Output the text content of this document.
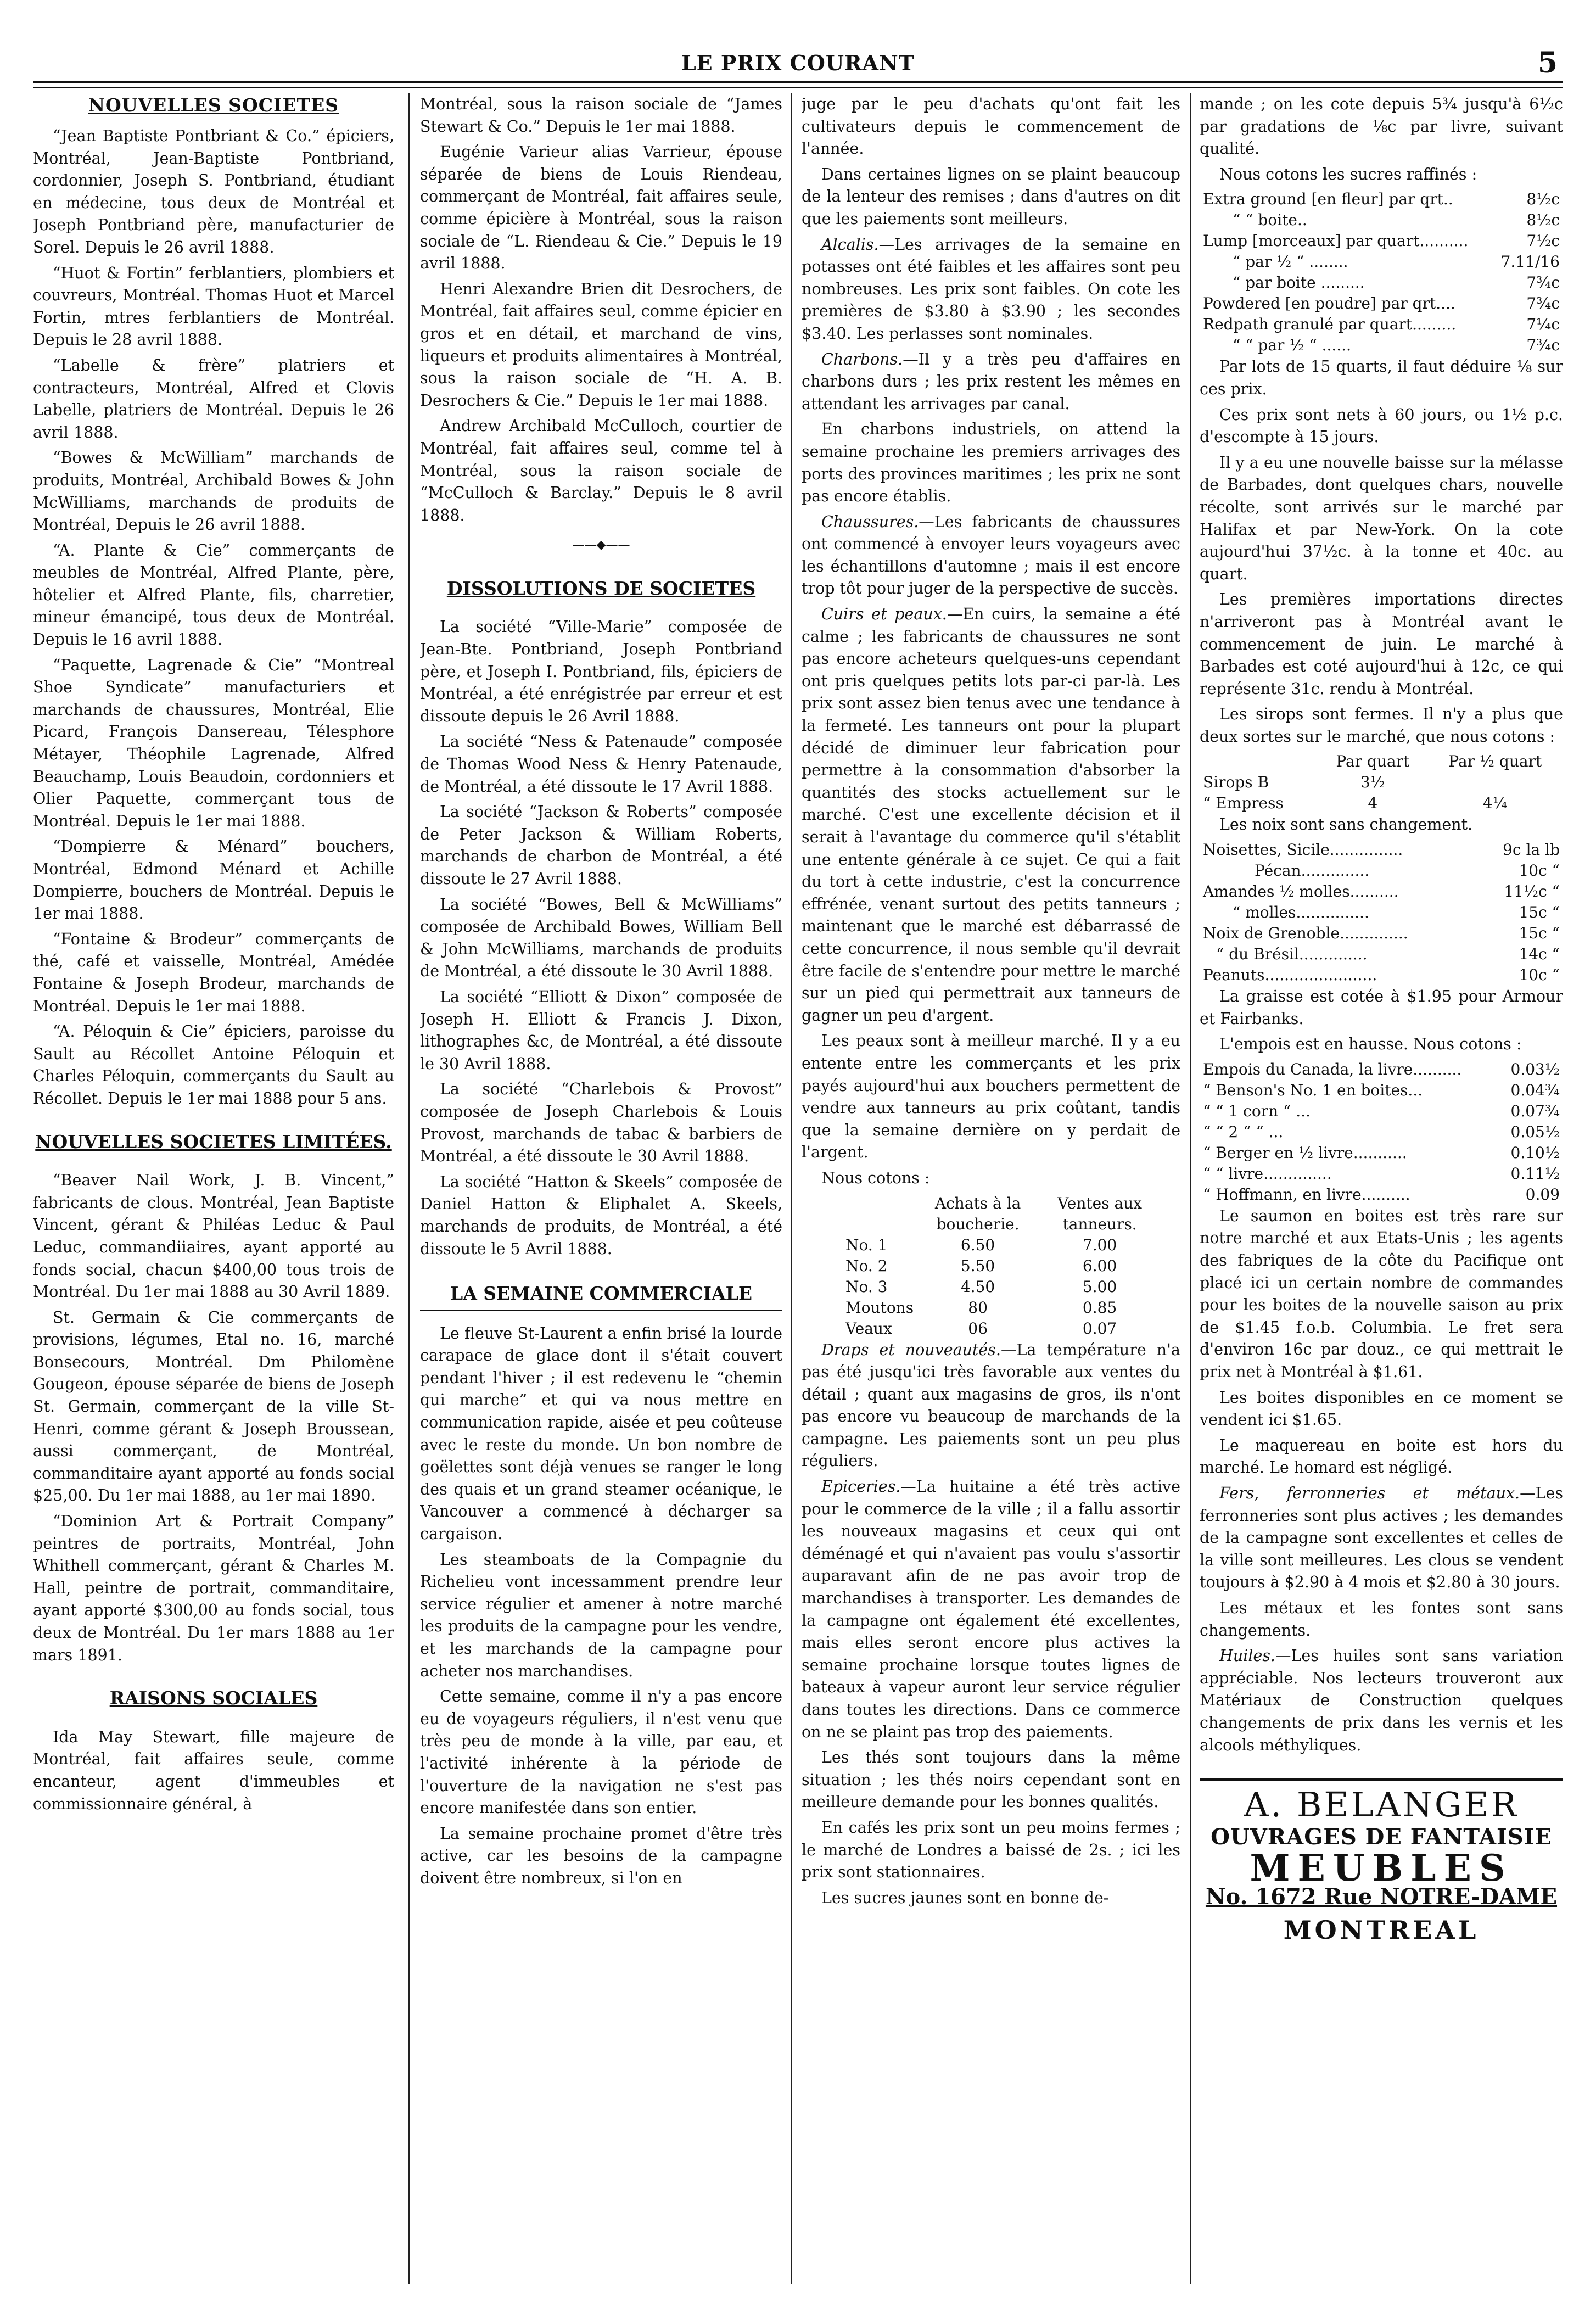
LE PRIX COURANT	5
NOUVELLES SOCIETES

“Jean Baptiste Pontbriant & Co.” épiciers, Montréal, Jean-Baptiste Pontbriand, cordonnier, Joseph S. Pontbriand, étudiant en médecine, tous deux de Montréal et Joseph Pontbriand père, manufacturier de Sorel. Depuis le 26 avril 1888.

“Huot & Fortin” ferblantiers, plombiers et couvreurs, Montréal. Thomas Huot et Marcel Fortin, mtres ferblantiers de Montréal. Depuis le 28 avril 1888.

“Labelle & frère” platriers et contracteurs, Montréal, Alfred et Clovis Labelle, platriers de Montréal. Depuis le 26 avril 1888.

“Bowes & McWilliam” marchands de produits, Montréal, Archibald Bowes & John McWilliams, marchands de produits de Montréal, Depuis le 26 avril 1888.

“A. Plante & Cie” commerçants de meubles de Montréal, Alfred Plante, père, hôtelier et Alfred Plante, fils, charretier, mineur émancipé, tous deux de Montréal. Depuis le 16 avril 1888.

“Paquette, Lagrenade & Cie” “Montreal Shoe Syndicate” manufacturiers et marchands de chaussures, Montréal, Elie Picard, François Dansereau, Télesphore Métayer, Théophile Lagrenade, Alfred Beauchamp, Louis Beaudoin, cordonniers et Olier Paquette, commerçant tous de Montréal. Depuis le 1er mai 1888.

“Dompierre & Ménard” bouchers, Montréal, Edmond Ménard et Achille Dompierre, bouchers de Montréal. Depuis le 1er mai 1888.

“Fontaine & Brodeur” commerçants de thé, café et vaisselle, Montréal, Amédée Fontaine & Joseph Brodeur, marchands de Montréal. Depuis le 1er mai 1888.

“A. Péloquin & Cie” épiciers, paroisse du Sault au Récollet Antoine Péloquin et Charles Péloquin, commerçants du Sault au Récollet. Depuis le 1er mai 1888 pour 5 ans.

NOUVELLES SOCIETES LIMITÉES.

“Beaver Nail Work, J. B. Vincent,” fabricants de clous. Montréal, Jean Baptiste Vincent, gérant & Philéas Leduc & Paul Leduc, commandiiaires, ayant apporté au fonds social, chacun $400,00 tous trois de Montréal. Du 1er mai 1888 au 30 Avril 1889.

St. Germain & Cie commerçants de provisions, légumes, Etal no. 16, marché Bonsecours, Montréal. Dm Philomène Gougeon, épouse séparée de biens de Joseph St. Germain, commerçant de la ville St-Henri, comme gérant & Joseph Broussean, aussi commerçant, de Montréal, commanditaire ayant apporté au fonds social $25,00. Du 1er mai 1888, au 1er mai 1890.

“Dominion Art & Portrait Company” peintres de portraits, Montréal, John Whithell commerçant, gérant & Charles M. Hall, peintre de portrait, commanditaire, ayant apporté $300,00 au fonds social, tous deux de Montréal. Du 1er mars 1888 au 1er mars 1891.

RAISONS SOCIALES

Ida May Stewart, fille majeure de Montréal, fait affaires seule, comme encanteur, agent d'immeubles et commissionnaire général, à

Montréal, sous la raison sociale de “James Stewart & Co.” Depuis le 1er mai 1888.

Eugénie Varieur alias Varrieur, épouse séparée de biens de Louis Riendeau, commerçant de Montréal, fait affaires seule, comme épicière à Montréal, sous la raison sociale de “L. Riendeau & Cie.” Depuis le 19 avril 1888.

Henri Alexandre Brien dit Desrochers, de Montréal, fait affaires seul, comme épicier en gros et en détail, et marchand de vins, liqueurs et produits alimentaires à Montréal, sous la raison sociale de “H. A. B. Desrochers & Cie.” Depuis le 1er mai 1888.

Andrew Archibald McCulloch, courtier de Montréal, fait affaires seul, comme tel à Montréal, sous la raison sociale de “McCulloch & Barclay.” Depuis le 8 avril 1888.

——◆——
DISSOLUTIONS DE SOCIETES

La société “Ville-Marie” composée de Jean-Bte. Pontbriand, Joseph Pontbriand père, et Joseph I. Pontbriand, fils, épiciers de Montréal, a été enrégistrée par erreur et est dissoute depuis le 26 Avril 1888.

La société “Ness & Patenaude” composée de Thomas Wood Ness & Henry Patenaude, de Montréal, a été dissoute le 17 Avril 1888.

La société “Jackson & Roberts” composée de Peter Jackson & William Roberts, marchands de charbon de Montréal, a été dissoute le 27 Avril 1888.

La société “Bowes, Bell & McWilliams” composée de Archibald Bowes, William Bell & John McWilliams, marchands de produits de Montréal, a été dissoute le 30 Avril 1888.

La société “Elliott & Dixon” composée de Joseph H. Elliott & Francis J. Dixon, lithographes &c, de Montréal, a été dissoute le 30 Avril 1888.

La société “Charlebois & Provost” composée de Joseph Charlebois & Louis Provost, marchands de tabac & barbiers de Montréal, a été dissoute le 30 Avril 1888.

La société “Hatton & Skeels” composée de Daniel Hatton & Eliphalet A. Skeels, marchands de produits, de Montréal, a été dissoute le 5 Avril 1888.

LA SEMAINE COMMERCIALE

Le fleuve St-Laurent a enfin brisé la lourde carapace de glace dont il s'était couvert pendant l'hiver ; il est redevenu le “chemin qui marche” et qui va nous mettre en communication rapide, aisée et peu coûteuse avec le reste du monde. Un bon nombre de goëlettes sont déjà venues se ranger le long des quais et un grand steamer océanique, le Vancouver a commencé à décharger sa cargaison.

Les steamboats de la Compagnie du Richelieu vont incessamment prendre leur service régulier et amener à notre marché les produits de la campagne pour les vendre, et les marchands de la campagne pour acheter nos marchandises.

Cette semaine, comme il n'y a pas encore eu de voyageurs réguliers, il n'est venu que très peu de monde à la ville, par eau, et l'activité inhérente à la période de l'ouverture de la navigation ne s'est pas encore manifestée dans son entier.

La semaine prochaine promet d'être très active, car les besoins de la campagne doivent être nombreux, si l'on en

juge par le peu d'achats qu'ont fait les cultivateurs depuis le commencement de l'année.

Dans certaines lignes on se plaint beaucoup de la lenteur des remises ; dans d'autres on dit que les paiements sont meilleurs.

Alcalis.—Les arrivages de la semaine en potasses ont été faibles et les affaires sont peu nombreuses. Les prix sont faibles. On cote les premières de $3.80 à $3.90 ; les secondes $3.40. Les perlasses sont nominales.

Charbons.—Il y a très peu d'affaires en charbons durs ; les prix restent les mêmes en attendant les arrivages par canal.

En charbons industriels, on attend la semaine prochaine les premiers arrivages des ports des provinces maritimes ; les prix ne sont pas encore établis.

Chaussures.—Les fabricants de chaussures ont commencé à envoyer leurs voyageurs avec les échantillons d'automne ; mais il est encore trop tôt pour juger de la perspective de succès.

Cuirs et peaux.—En cuirs, la semaine a été calme ; les fabricants de chaussures ne sont pas encore acheteurs quelques-uns cependant ont pris quelques petits lots par-ci par-là. Les prix sont assez bien tenus avec une tendance à la fermeté. Les tanneurs ont pour la plupart décidé de diminuer leur fabrication pour permettre à la consommation d'absorber la quantités des stocks actuellement sur le marché. C'est une excellente décision et il serait à l'avantage du commerce qu'il s'établit une entente générale à ce sujet. Ce qui a fait du tort à cette industrie, c'est la concurrence effrénée, venant surtout des petits tanneurs ; maintenant que le marché est débarrassé de cette concurrence, il nous semble qu'il devrait être facile de s'entendre pour mettre le marché sur un pied qui permettrait aux tanneurs de gagner un peu d'argent.

Les peaux sont à meilleur marché. Il y a eu entente entre les commerçants et les prix payés aujourd'hui aux bouchers permettent de vendre aux tanneurs au prix coûtant, tandis que la semaine dernière on y perdait de l'argent.

Nous cotons :

	Achats à la boucherie.	Ventes aux tanneurs.
No. 1	6.50	7.00
No. 2	5.50	6.00
No. 3	4.50	5.00
Moutons	80	0.85
Veaux	06	0.07

Draps et nouveautés.—La température n'a pas été jusqu'ici très favorable aux ventes du détail ; quant aux magasins de gros, ils n'ont pas encore vu beaucoup de marchands de la campagne. Les paiements sont un peu plus réguliers.

Epiceries.—La huitaine a été très active pour le commerce de la ville ; il a fallu assortir les nouveaux magasins et ceux qui ont déménagé et qui n'avaient pas voulu s'assortir auparavant afin de ne pas avoir trop de marchandises à transporter. Les demandes de la campagne ont également été excellentes, mais elles seront encore plus actives la semaine prochaine lorsque toutes lignes de bateaux à vapeur auront leur service régulier dans toutes les directions. Dans ce commerce on ne se plaint pas trop des paiements.

Les thés sont toujours dans la même situation ; les thés noirs cependant sont en meilleure demande pour les bonnes qualités.

En cafés les prix sont un peu moins fermes ; le marché de Londres a baissé de 2s. ; ici les prix sont stationnaires.

Les sucres jaunes sont en bonne de-

mande ; on les cote depuis 5¾ jusqu'à 6½c par gradations de ⅛c par livre, suivant qualité.

Nous cotons les sucres raffinés :

Extra ground [en fleur] par qrt..	8½c
“ “ boite..	8½c
Lump [morceaux] par quart..........	7½c
“ par ½ “ ........	7.11/16
“ par boite .........	7¾c
Powdered [en poudre] par qrt....	7¾c
Redpath granulé par quart.........	7¼c
“ “ par ½ “ ......	7¾c

Par lots de 15 quarts, il faut déduire ⅛ sur ces prix.

Ces prix sont nets à 60 jours, ou 1½ p.c. d'escompte à 15 jours.

Il y a eu une nouvelle baisse sur la mélasse de Barbades, dont quelques chars, nouvelle récolte, sont arrivés sur le marché par Halifax et par New-York. On la cote aujourd'hui 37½c. à la tonne et 40c. au quart.

Les premières importations directes n'arriveront pas à Montréal avant le commencement de juin. Le marché à Barbades est coté aujourd'hui à 12c, ce qui représente 31c. rendu à Montréal.

Les sirops sont fermes. Il n'y a plus que deux sortes sur le marché, que nous cotons :

	Par quart	Par ½ quart
Sirops B	3½	
“ Empress	4	4¼

Les noix sont sans changement.

Noisettes, Sicile...............	9c la lb
Pécan..............	10c “
Amandes ½ molles..........	11½c “
“ molles...............	15c “
Noix de Grenoble..............	15c “
“ du Brésil..............	14c “
Peanuts.......................	10c “

La graisse est cotée à $1.95 pour Armour et Fairbanks.

L'empois est en hausse. Nous cotons :

Empois du Canada, la livre..........	0.03½
“ Benson's No. 1 en boites...	0.04¾
“ “ 1 corn “ ...	0.07¾
“ “ 2 “ “ ...	0.05½
“ Berger en ½ livre...........	0.10½
“ “ livre..............	0.11½
“ Hoffmann, en livre..........	0.09

Le saumon en boites est très rare sur notre marché et aux Etats-Unis ; les agents des fabriques de la côte du Pacifique ont placé ici un certain nombre de commandes pour les boites de la nouvelle saison au prix de $1.45 f.o.b. Columbia. Le fret sera d'environ 16c par douz., ce qui mettrait le prix net à Montréal à $1.61.

Les boites disponibles en ce moment se vendent ici $1.65.

Le maquereau en boite est hors du marché. Le homard est négligé.

Fers, ferronneries et métaux.—Les ferronneries sont plus actives ; les demandes de la campagne sont excellentes et celles de la ville sont meilleures. Les clous se vendent toujours à $2.90 à 4 mois et $2.80 à 30 jours.

Les métaux et les fontes sont sans changements.

Huiles.—Les huiles sont sans variation appréciable. Nos lecteurs trouveront aux Matériaux de Construction quelques changements de prix dans les vernis et les alcools méthyliques.

A. BELANGER
OUVRAGES DE FANTAISIE
MEUBLES
No. 1672 Rue NOTRE-DAME
MONTREAL
